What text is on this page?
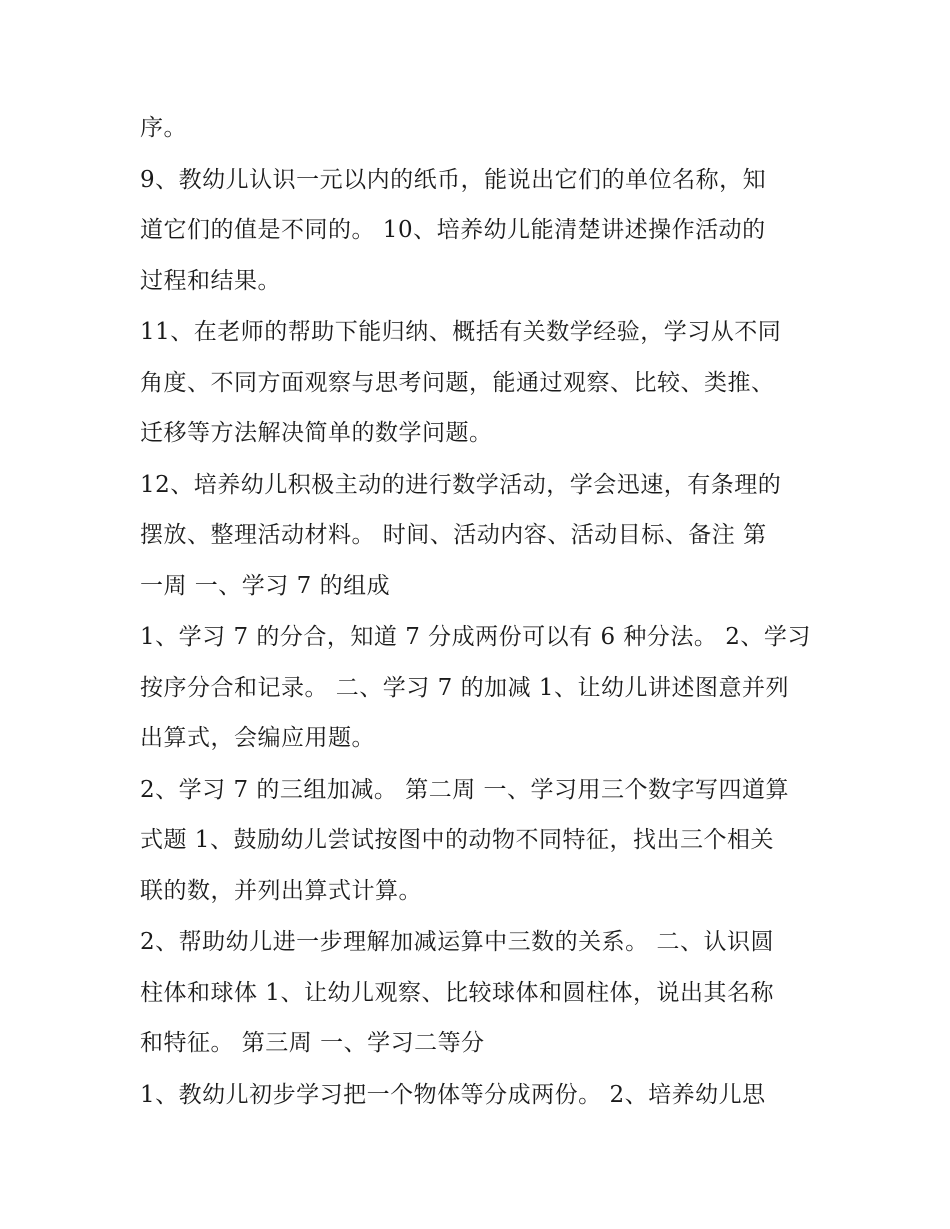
序。
9、教幼儿认识一元以内的纸币，能说出它们的单位名称，知
道它们的值是不同的。 10、培养幼儿能清楚讲述操作活动的
过程和结果。
11、在老师的帮助下能归纳、概括有关数学经验，学习从不同
角度、不同方面观察与思考问题，能通过观察、比较、类推、
迁移等方法解决简单的数学问题。
12、培养幼儿积极主动的进行数学活动，学会迅速，有条理的
摆放、整理活动材料。 时间、活动内容、活动目标、备注 第
一周 一、学习 7 的组成
1、学习 7 的分合，知道 7 分成两份可以有 6 种分法。 2、学习
按序分合和记录。 二、学习 7 的加减 1、让幼儿讲述图意并列
出算式，会编应用题。
2、学习 7 的三组加减。 第二周 一、学习用三个数字写四道算
式题 1、鼓励幼儿尝试按图中的动物不同特征，找出三个相关
联的数，并列出算式计算。
2、帮助幼儿进一步理解加减运算中三数的关系。 二、认识圆
柱体和球体 1、让幼儿观察、比较球体和圆柱体，说出其名称
和特征。 第三周 一、学习二等分
1、教幼儿初步学习把一个物体等分成两份。 2、培养幼儿思
